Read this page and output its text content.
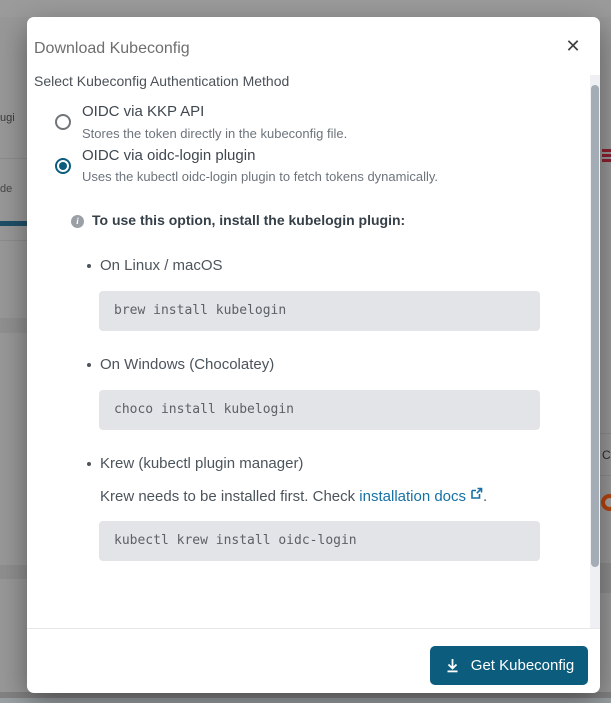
ugi
de
C
Download Kubeconfig	✕
Select Kubeconfig Authentication Method
OIDC via KKP API
Stores the token directly in the kubeconfig file.
OIDC via oidc-login plugin
Uses the kubectl oidc-login plugin to fetch tokens dynamically.
i To use this option, install the kubelogin plugin:
On Linux / macOS
brew install kubelogin
On Windows (Chocolatey)
choco install kubelogin
Krew (kubectl plugin manager)
Krew needs to be installed first. Check installation docs .
kubectl krew install oidc-login
Get Kubeconfig
